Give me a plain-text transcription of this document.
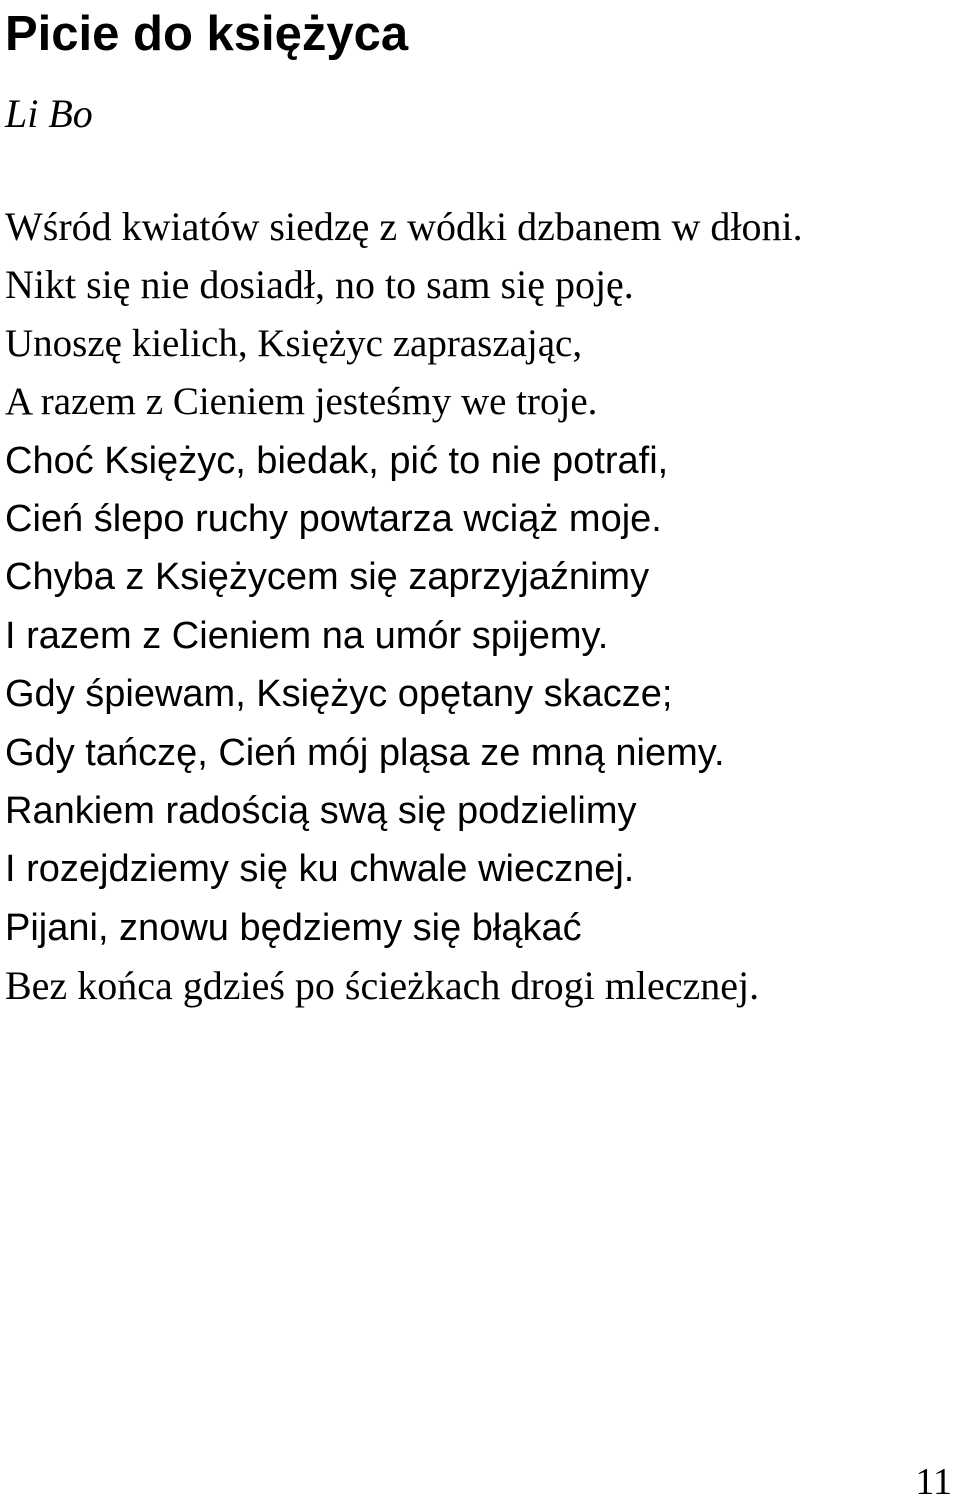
Picie do księżyca
Li Bo
Wśród kwiatów siedzę z wódki dzbanem w dłoni.
Nikt się nie dosiadł, no to sam się poję.
Unoszę kielich, Księżyc zapraszając,
A razem z Cieniem jesteśmy we troje.
Choć Księżyc, biedak, pić to nie potrafi,
Cień ślepo ruchy powtarza wciąż moje.
Chyba z Księżycem się zaprzyjaźnimy
I razem z Cieniem na umór spijemy.
Gdy śpiewam, Księżyc opętany skacze;
Gdy tańczę, Cień mój pląsa ze mną niemy.
Rankiem radością swą się podzielimy
I rozejdziemy się ku chwale wiecznej.
Pijani, znowu będziemy się błąkać
Bez końca gdzieś po ścieżkach drogi mlecznej.
11
